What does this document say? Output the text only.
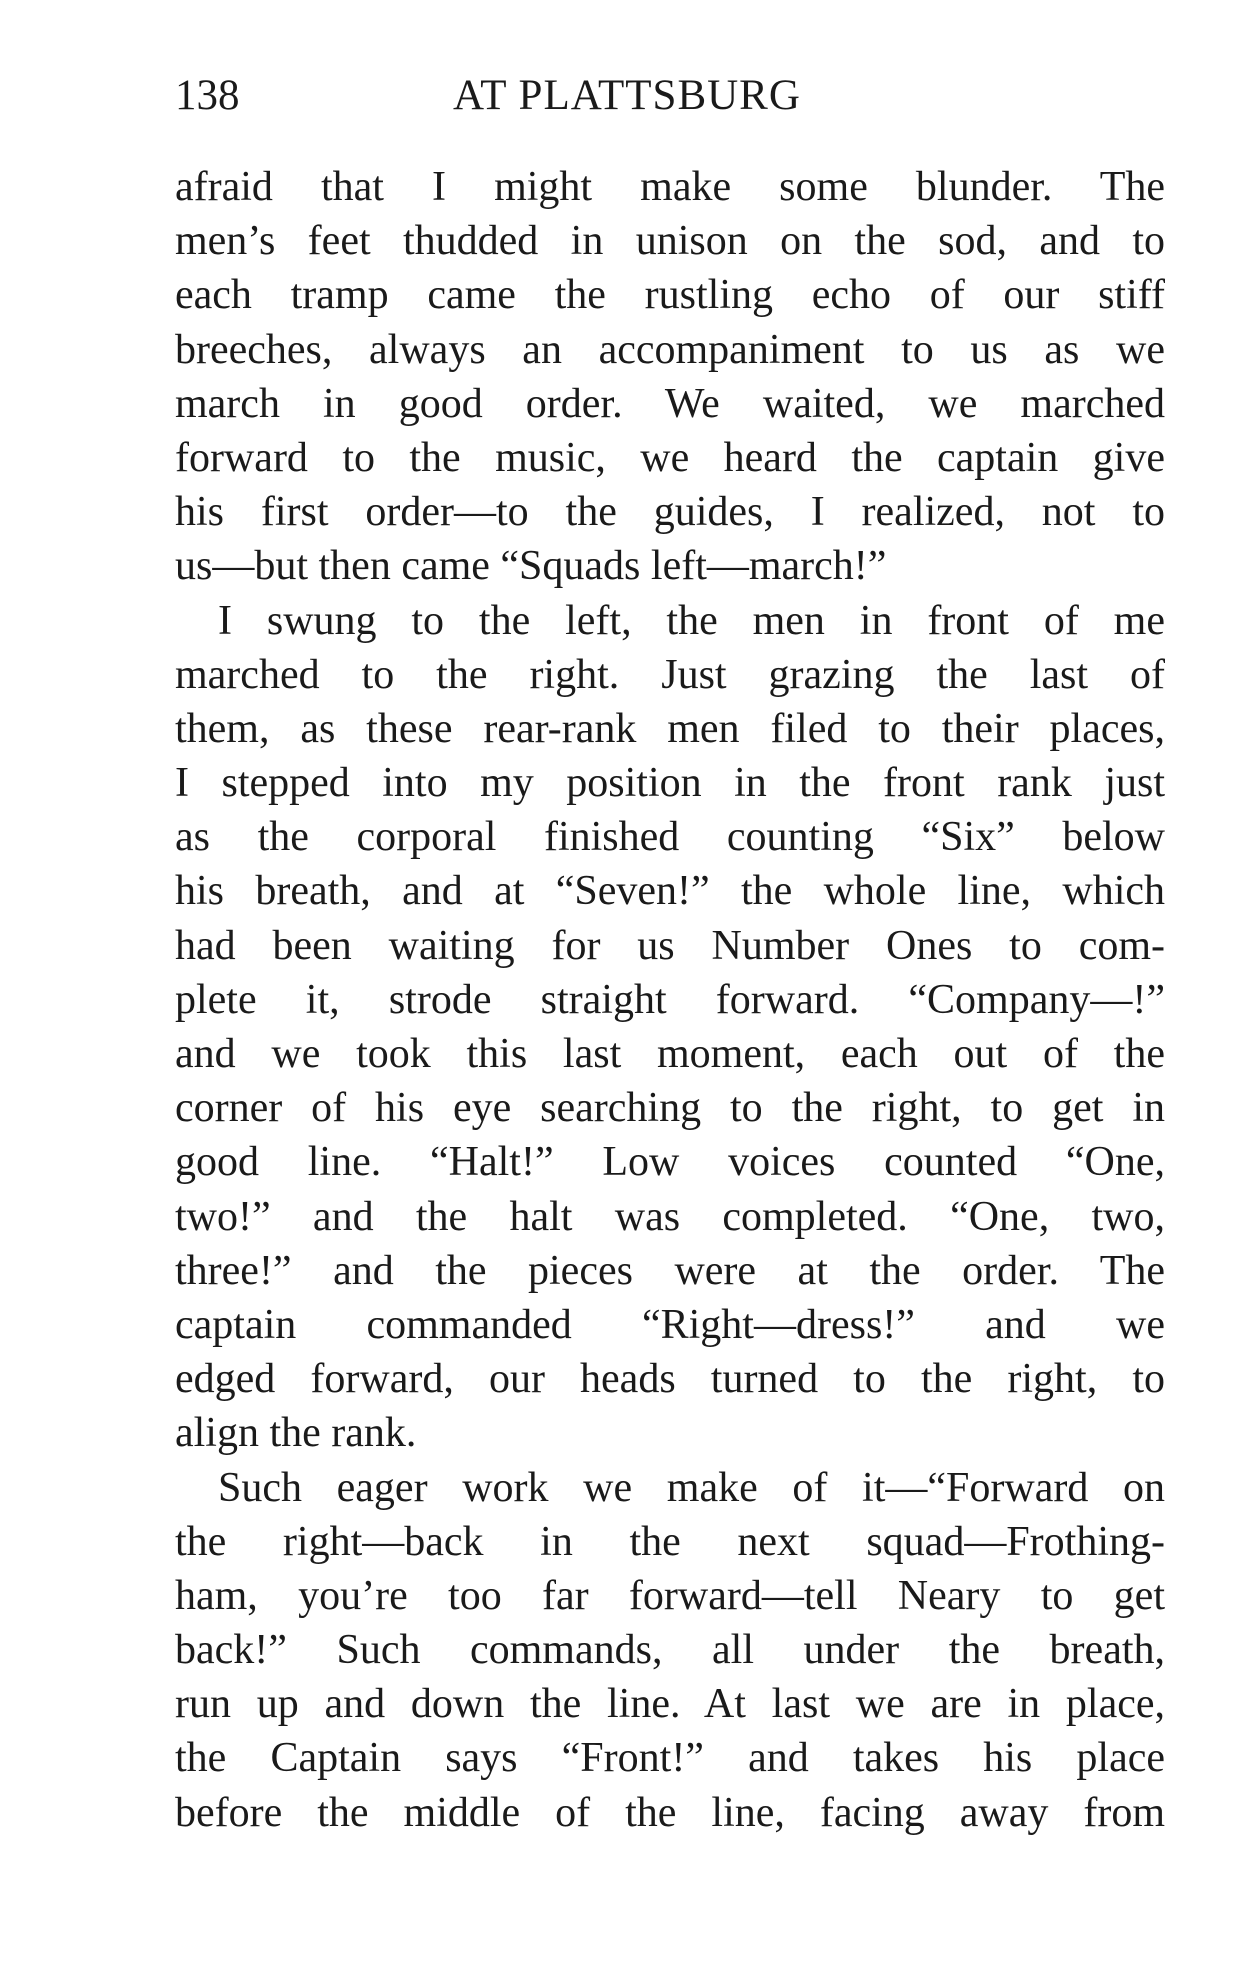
138	AT PLATTSBURG
afraid that I might make some blunder. The
men’s feet thudded in unison on the sod, and to
each tramp came the rustling echo of our stiff
breeches, always an accompaniment to us as we
march in good order. We waited, we marched
forward to the music, we heard the captain give
his first order—to the guides, I realized, not to
us—but then came “Squads left—march!”
I swung to the left, the men in front of me
marched to the right. Just grazing the last of
them, as these rear-rank men filed to their places,
I stepped into my position in the front rank just
as the corporal finished counting “Six” below
his breath, and at “Seven!” the whole line, which
had been waiting for us Number Ones to com-
plete it, strode straight forward. “Company—!”
and we took this last moment, each out of the
corner of his eye searching to the right, to get in
good line. “Halt!” Low voices counted “One,
two!” and the halt was completed. “One, two,
three!” and the pieces were at the order. The
captain commanded “Right—dress!” and we
edged forward, our heads turned to the right, to
align the rank.
Such eager work we make of it—“Forward on
the right—back in the next squad—Frothing-
ham, you’re too far forward—tell Neary to get
back!” Such commands, all under the breath,
run up and down the line. At last we are in place,
the Captain says “Front!” and takes his place
before the middle of the line, facing away from
